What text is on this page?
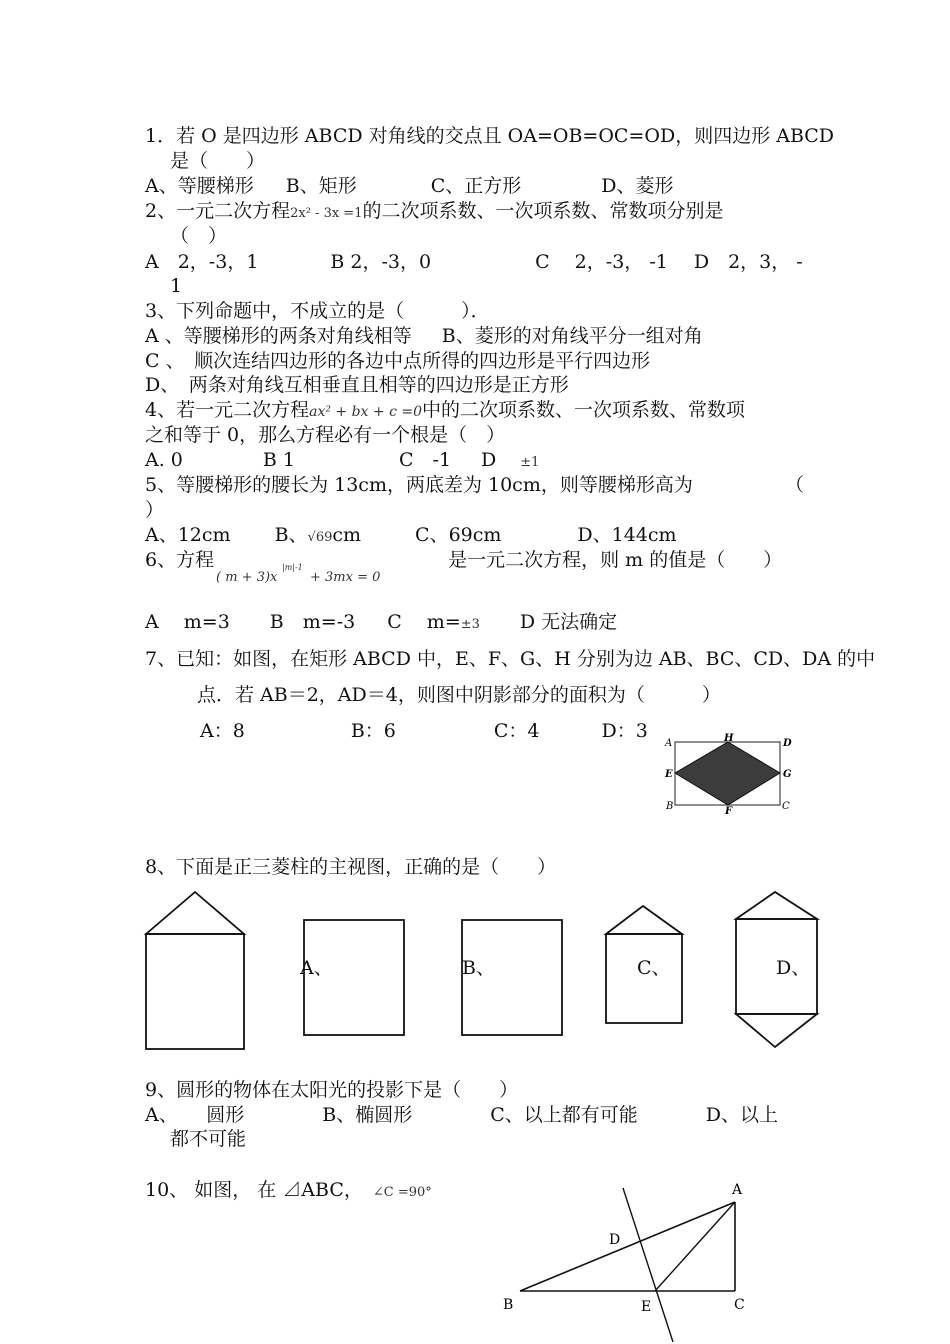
1．若 O 是四边形 ABCD 对角线的交点且 OA=OB=OC=OD，则四边形 ABCD
是（　　）
A、等腰梯形 B、矩形	C、正方形	D、菱形
2、一元二次方程2x² - 3x =1的二次项系数、一次项系数、常数项分别是
（　）
A　2，-3，1	B 2，-3，0	C　 2，-3， -1 D　2，3， -
1
3、下列命题中，不成立的是（　　　）．
A 、等腰梯形的两条对角线相等 B、菱形的对角线平分一组对角
C 、　顺次连结四边形的各边中点所得的四边形是平行四边形
D、　两条对角线互相垂直且相等的四边形是正方形
4、若一元二次方程ax² + bx + c =0中的二次项系数、一次项系数、常数项
之和等于 0，那么方程必有一个根是（　）
A. 0	B 1	C　-1 D ±1
5、等腰梯形的腰长为 13cm，两底差为 10cm，则等腰梯形高为	（
）
A、12cm B、√69cm	C、69cm	D、144cm
6、方程
( m + 3)x
|m|-1
+ 3mx = 0
是一元二次方程，则 m 的值是（　　）
A　 m=3 B　m=-3 C　 m=±3 D 无法确定
7、已知：如图，在矩形 ABCD 中，E、F、G、H 分别为边 AB、BC、CD、DA 的中
点．若 AB＝2，AD＝4，则图中阴影部分的面积为（　　　）
A：8	B：6	C：4	D：3
A	H	D
E	G
B	F	C
8、下面是正三菱柱的主视图，正确的是（　　）
A、	B、	C、	D、
9、圆形的物体在太阳光的投影下是（　　）
A、　　圆形	B、椭圆形	C、以上都有可能	D、以上
都不可能
10、 如图， 在 ⊿ABC， ∠C =90°	A
D
B	E	C
